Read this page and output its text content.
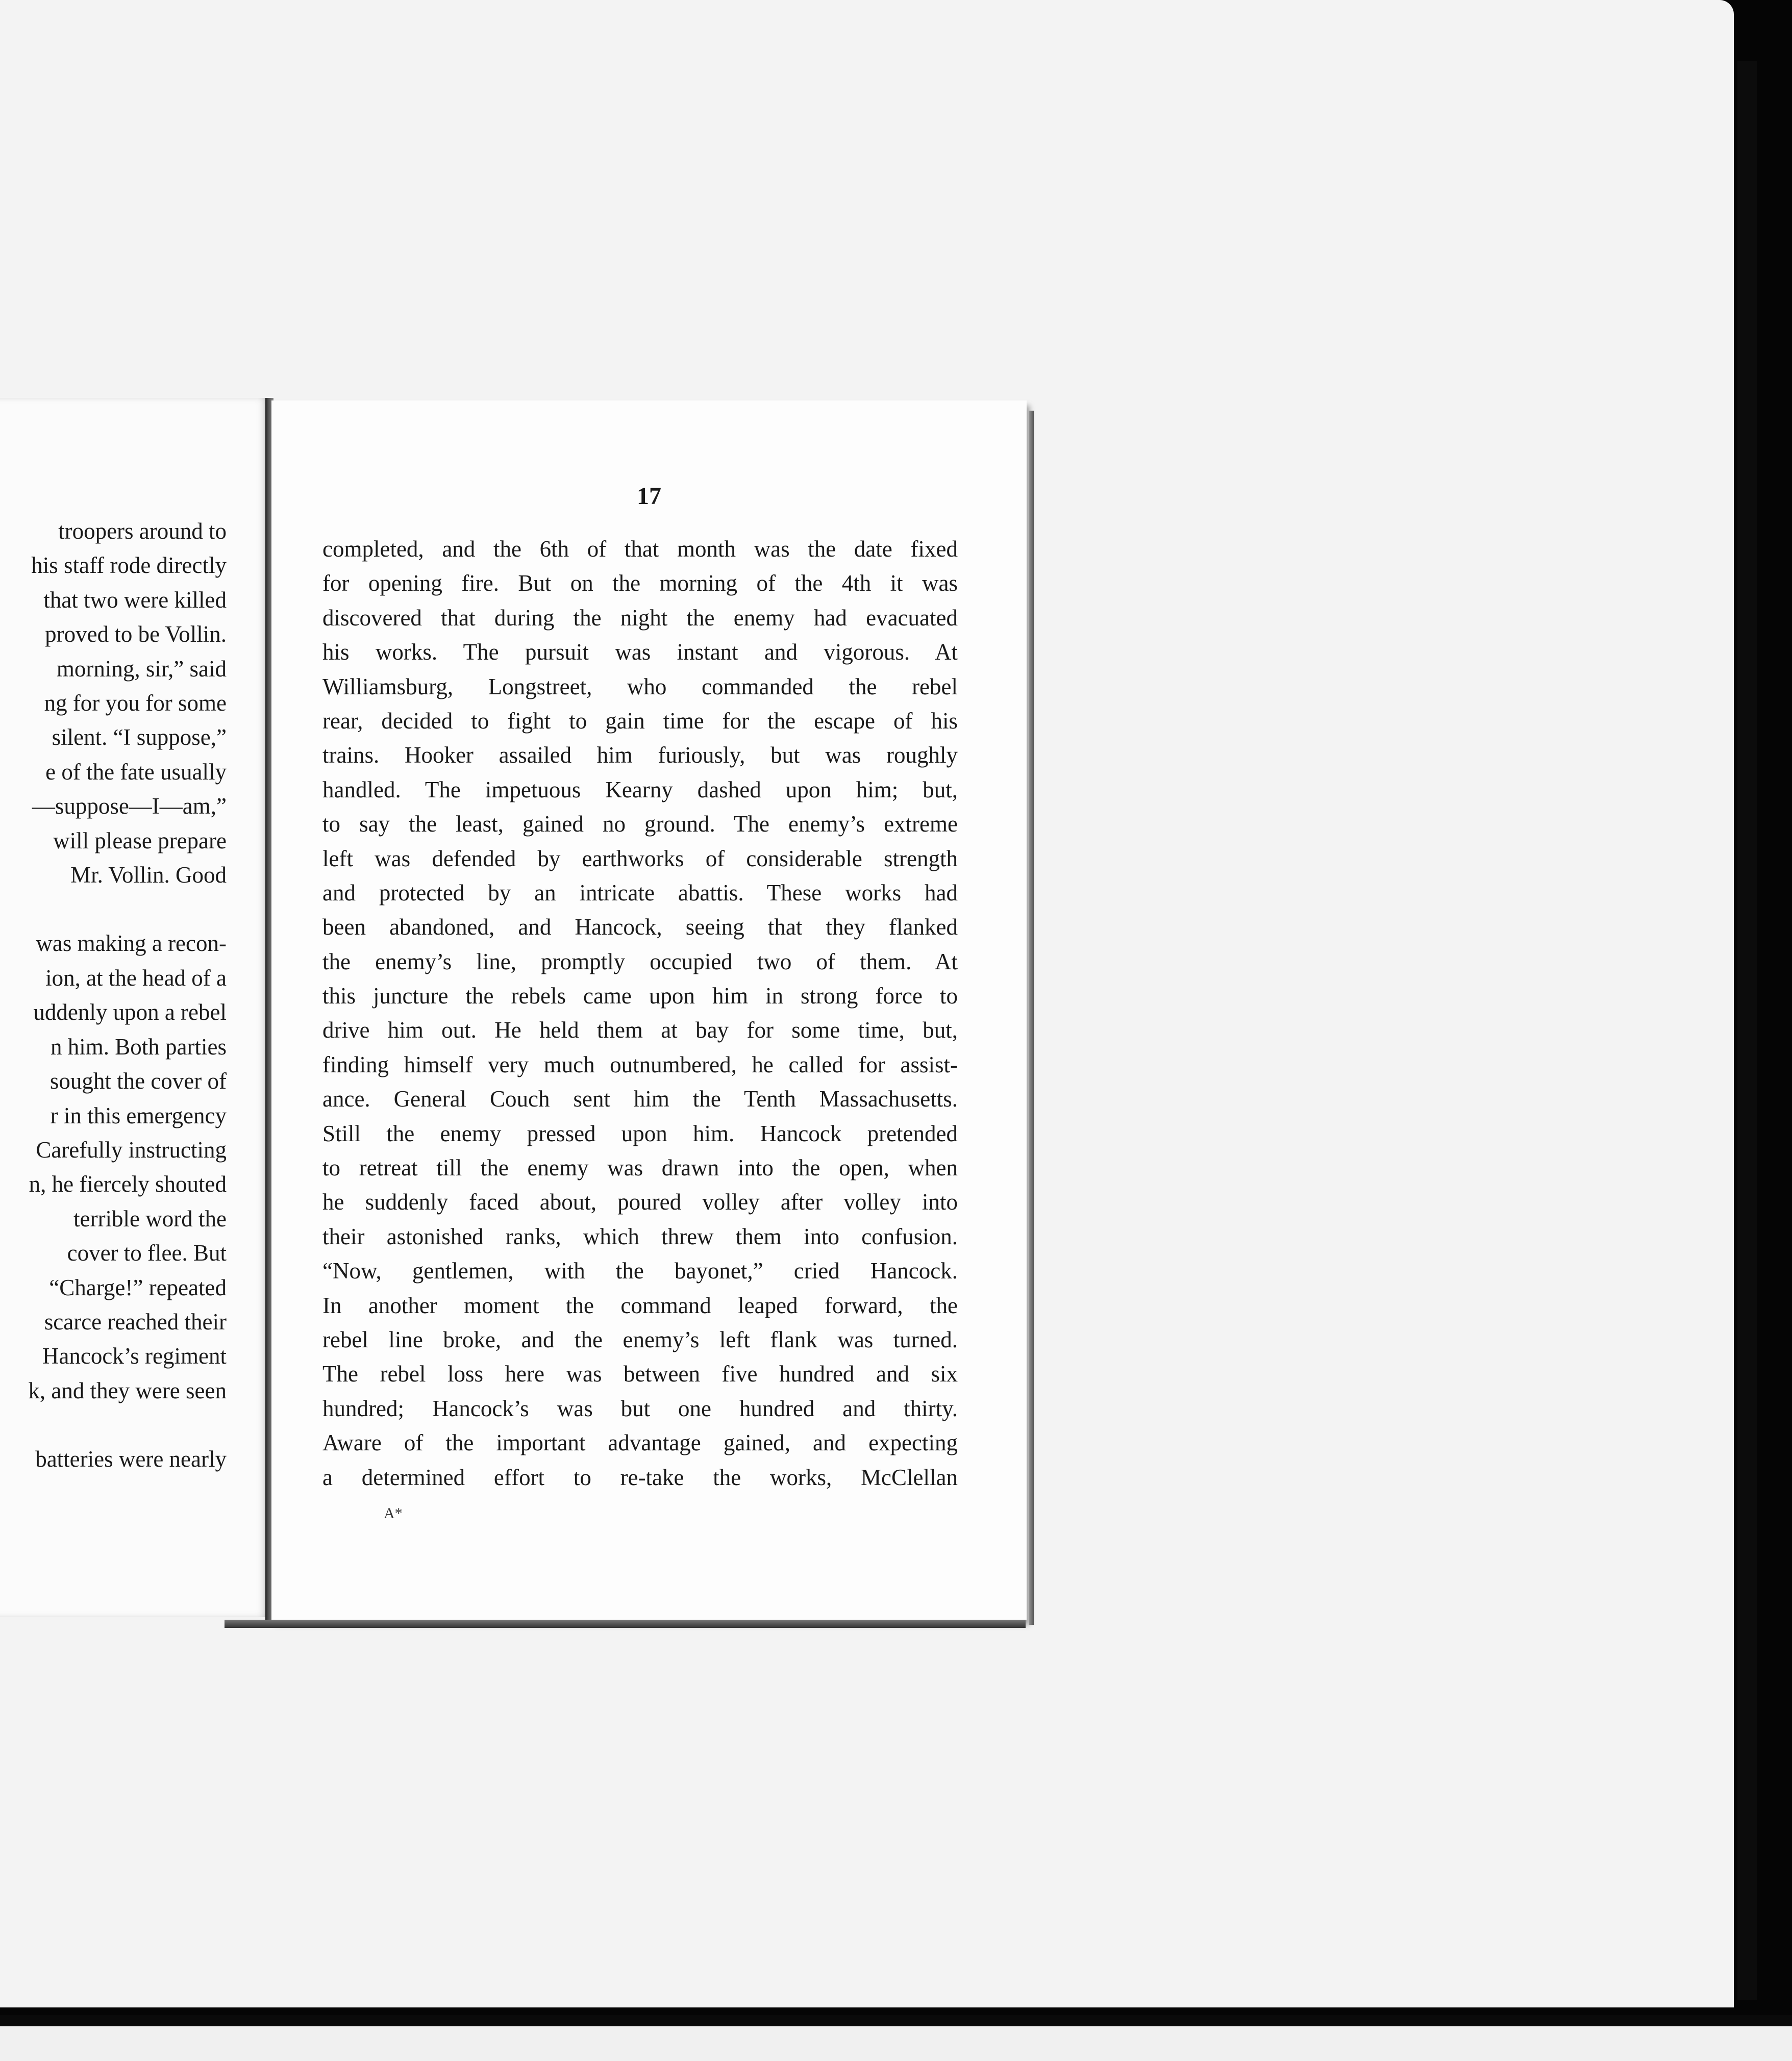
troopers around to
his staff rode directly
that two were killed
proved to be Vollin.
morning, sir,” said
ng for you for some
silent. “I suppose,”
e of the fate usually
—suppose—I—am,”
will please prepare
Mr. Vollin. Good
was making a recon-
ion, at the head of a
uddenly upon a rebel
n him. Both parties
sought the cover of
r in this emergency
Carefully instructing
n, he fiercely shouted
terrible word the
cover to flee. But
“Charge!” repeated
scarce reached their
Hancock’s regiment
k, and they were seen
batteries were nearly
17
completed, and the 6th of that month was the date fixed
for opening fire. But on the morning of the 4th it was
discovered that during the night the enemy had evacuated
his works. The pursuit was instant and vigorous. At
Williamsburg, Longstreet, who commanded the rebel
rear, decided to fight to gain time for the escape of his
trains. Hooker assailed him furiously, but was roughly
handled. The impetuous Kearny dashed upon him; but,
to say the least, gained no ground. The enemy’s extreme
left was defended by earthworks of considerable strength
and protected by an intricate abattis. These works had
been abandoned, and Hancock, seeing that they flanked
the enemy’s line, promptly occupied two of them. At
this juncture the rebels came upon him in strong force to
drive him out. He held them at bay for some time, but,
finding himself very much outnumbered, he called for assist-
ance. General Couch sent him the Tenth Massachusetts.
Still the enemy pressed upon him. Hancock pretended
to retreat till the enemy was drawn into the open, when
he suddenly faced about, poured volley after volley into
their astonished ranks, which threw them into confusion.
“Now, gentlemen, with the bayonet,” cried Hancock.
In another moment the command leaped forward, the
rebel line broke, and the enemy’s left flank was turned.
The rebel loss here was between five hundred and six
hundred; Hancock’s was but one hundred and thirty.
Aware of the important advantage gained, and expecting
a determined effort to re-take the works, McClellan
A*
